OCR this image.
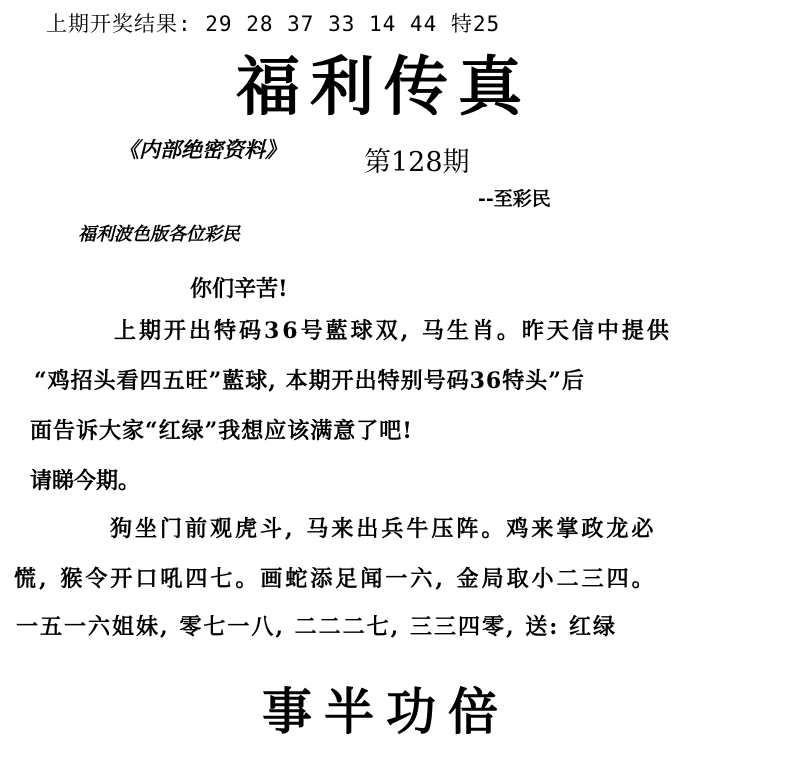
上期开奖结果: 29 28 37 33 14 44 特25
福利传真
《内部绝密资料》	第128期
--至彩民
福利波色版各位彩民
你们辛苦!
上期开出特码36号藍球双, 马生肖。昨天信中提供
“鸡招头看四五旺”藍球, 本期开出特别号码36特头”后
面告诉大家“红绿”我想应该满意了吧!
请睇今期。
狗坐门前观虎斗, 马来出兵牛压阵。鸡来掌政龙必
慌, 猴令开口吼四七。画蛇添足闻一六, 金局取小二三四。
一五一六姐妹, 零七一八, 二二二七, 三三四零, 送: 红绿
事半功倍
